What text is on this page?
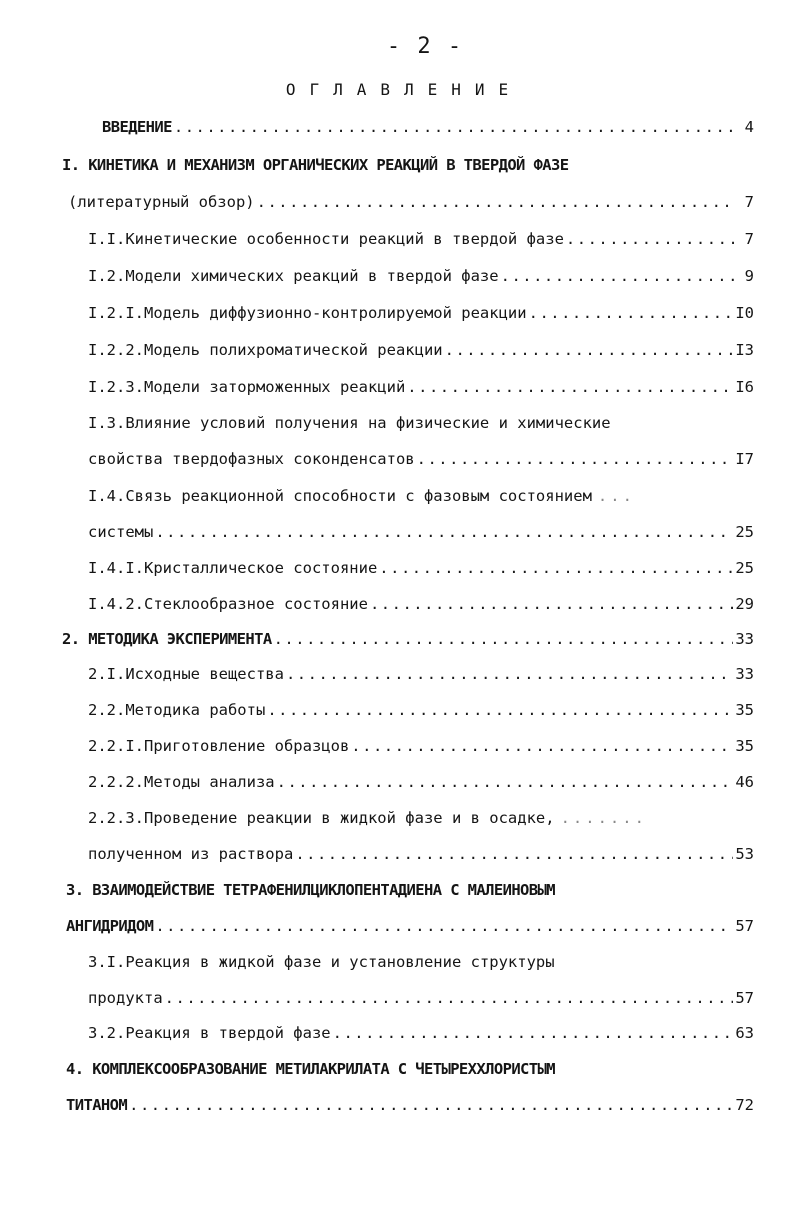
- 2 -
ОГЛАВЛЕНИЕ
ВВЕДЕНИЕ .....	4
I. КИНЕТИКА И МЕХАНИЗМ ОРГАНИЧЕСКИХ РЕАКЦИЙ В ТВЕРДОЙ ФАЗЕ
(литературный обзор) .....	7
I.I.Кинетические особенности реакций в твердой фазе .....	7
I.2.Модели химических реакций в твердой фазе .....	9
I.2.I.Модель диффузионно-контролируемой реакции .....	I0
I.2.2.Модель полихроматической реакции .....	I3
I.2.3.Модели заторможенных реакций .....	I6
I.3.Влияние условий получения на физические и химические
свойства твердофазных соконденсатов .....	I7
I.4.Связь реакционной способности с фазовым состоянием ...
системы .....	25
I.4.I.Кристаллическое состояние .....	25
I.4.2.Стеклообразное состояние .....	29
2. МЕТОДИКА ЭКСПЕРИМЕНТА .....	33
2.I.Исходные вещества .....	33
2.2.Методика работы .....	35
2.2.I.Приготовление образцов .....	35
2.2.2.Методы анализа .....	46
2.2.3.Проведение реакции в жидкой фазе и в осадке, .......
полученном из раствора .....	53
3. ВЗАИМОДЕЙСТВИЕ ТЕТРАФЕНИЛЦИКЛОПЕНТАДИЕНА С МАЛЕИНОВЫМ
АНГИДРИДОМ .....	57
3.I.Реакция в жидкой фазе и установление структуры
продукта .....	57
3.2.Реакция в твердой фазе .....	63
4. КОМПЛЕКСООБРАЗОВАНИЕ МЕТИЛАКРИЛАТА С ЧЕТЫРЕХХЛОРИСТЫМ
ТИТАНОМ .....	72
